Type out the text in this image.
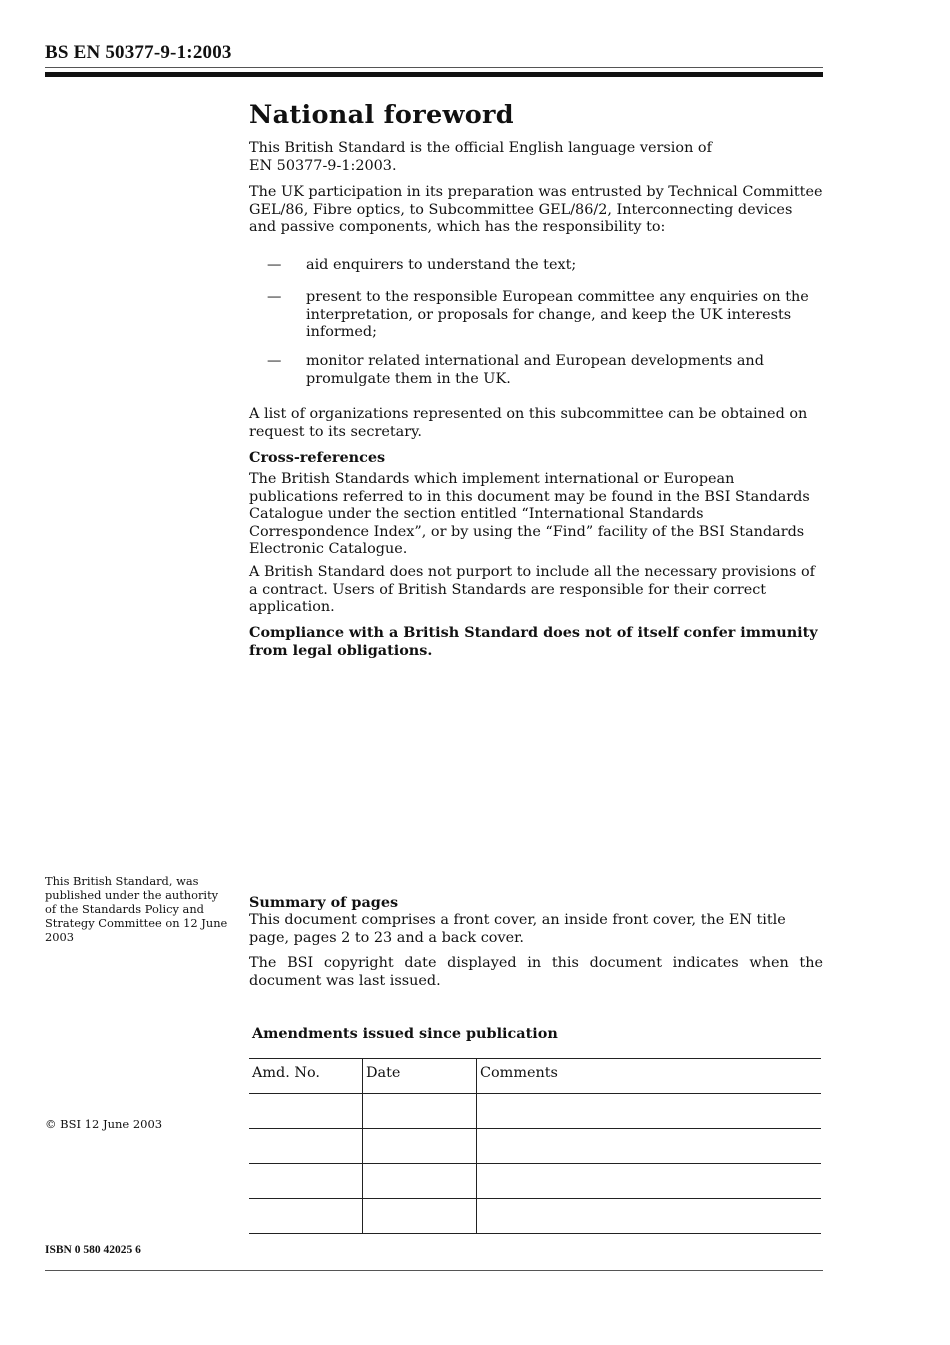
BS EN 50377-9-1:2003
National foreword

This British Standard is the official English language version of EN 50377-9-1:2003.

The UK participation in its preparation was entrusted by Technical Committee GEL/86, Fibre optics, to Subcommittee GEL/86/2, Interconnecting devices and passive components, which has the responsibility to:

— aid enquirers to understand the text;
— present to the responsible European committee any enquiries on the interpretation, or proposals for change, and keep the UK interests informed;
— monitor related international and European developments and promulgate them in the UK.

A list of organizations represented on this subcommittee can be obtained on request to its secretary.

Cross-references

The British Standards which implement international or European publications referred to in this document may be found in the BSI Standards Catalogue under the section entitled “International Standards Correspondence Index”, or by using the “Find” facility of the BSI Standards Electronic Catalogue.

A British Standard does not purport to include all the necessary provisions of a contract. Users of British Standards are responsible for their correct application.

Compliance with a British Standard does not of itself confer immunity from legal obligations.
This British Standard, was published under the authority of the Standards Policy and Strategy Committee on 12 June 2003
Summary of pages

This document comprises a front cover, an inside front cover, the EN title page, pages 2 to 23 and a back cover.

The BSI copyright date displayed in this document indicates when the document was last issued.

Amendments issued since publication
Amd. No.	Date	Comments

© BSI 12 June 2003
ISBN 0 580 42025 6
